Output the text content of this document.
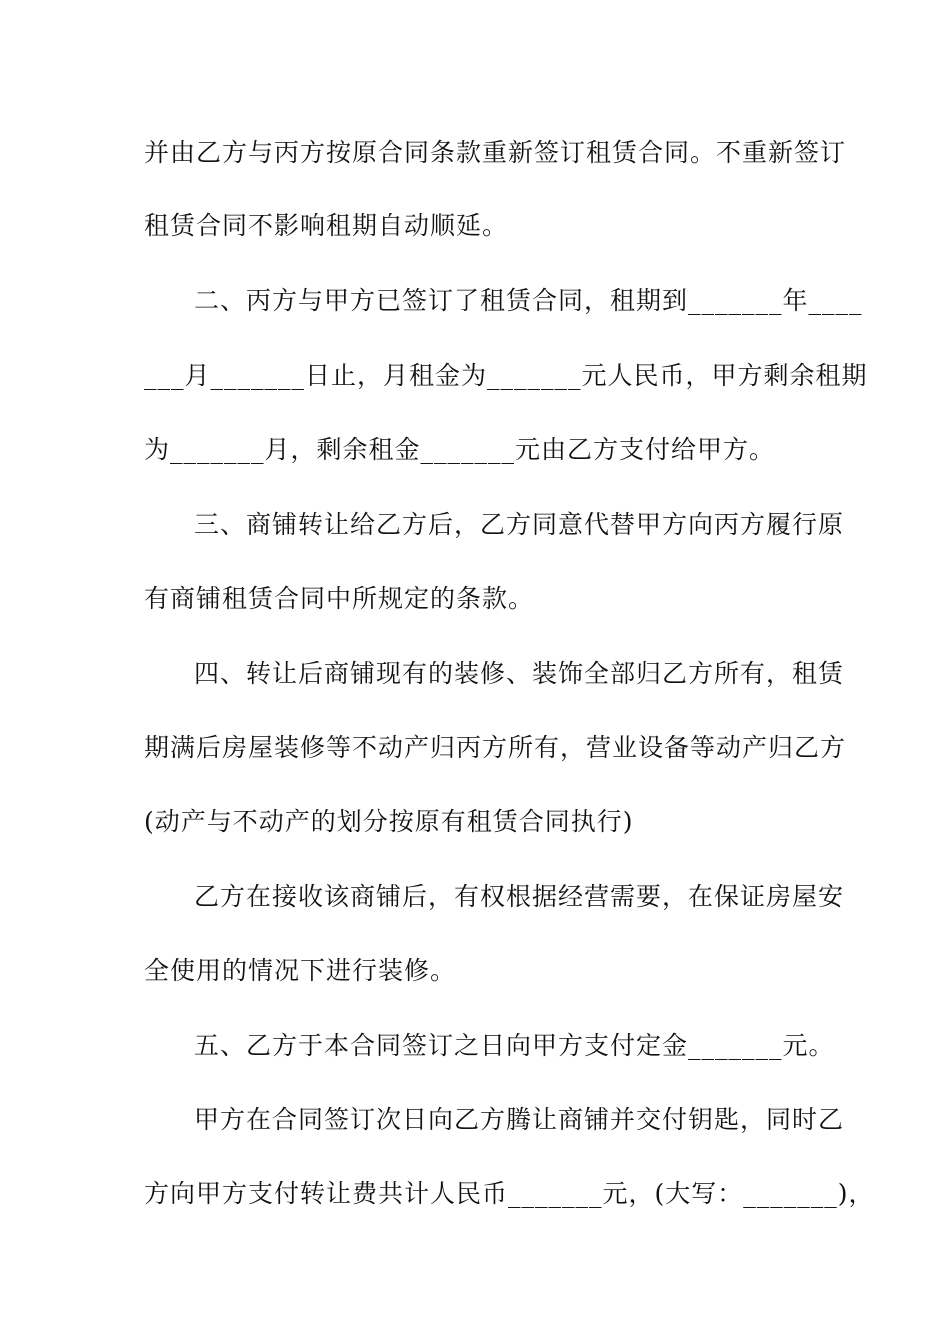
并由乙方与丙方按原合同条款重新签订租赁合同。不重新签订
租赁合同不影响租期自动顺延。
二、丙方与甲方已签订了租赁合同，租期到_______年____
___月_______日止，月租金为_______元人民币，甲方剩余租期
为_______月，剩余租金_______元由乙方支付给甲方。
三、商铺转让给乙方后，乙方同意代替甲方向丙方履行原
有商铺租赁合同中所规定的条款。
四、转让后商铺现有的装修、装饰全部归乙方所有，租赁
期满后房屋装修等不动产归丙方所有，营业设备等动产归乙方
(动产与不动产的划分按原有租赁合同执行)
乙方在接收该商铺后，有权根据经营需要，在保证房屋安
全使用的情况下进行装修。
五、乙方于本合同签订之日向甲方支付定金_______元。
甲方在合同签订次日向乙方腾让商铺并交付钥匙，同时乙
方向甲方支付转让费共计人民币_______元，(大写：_______)，
